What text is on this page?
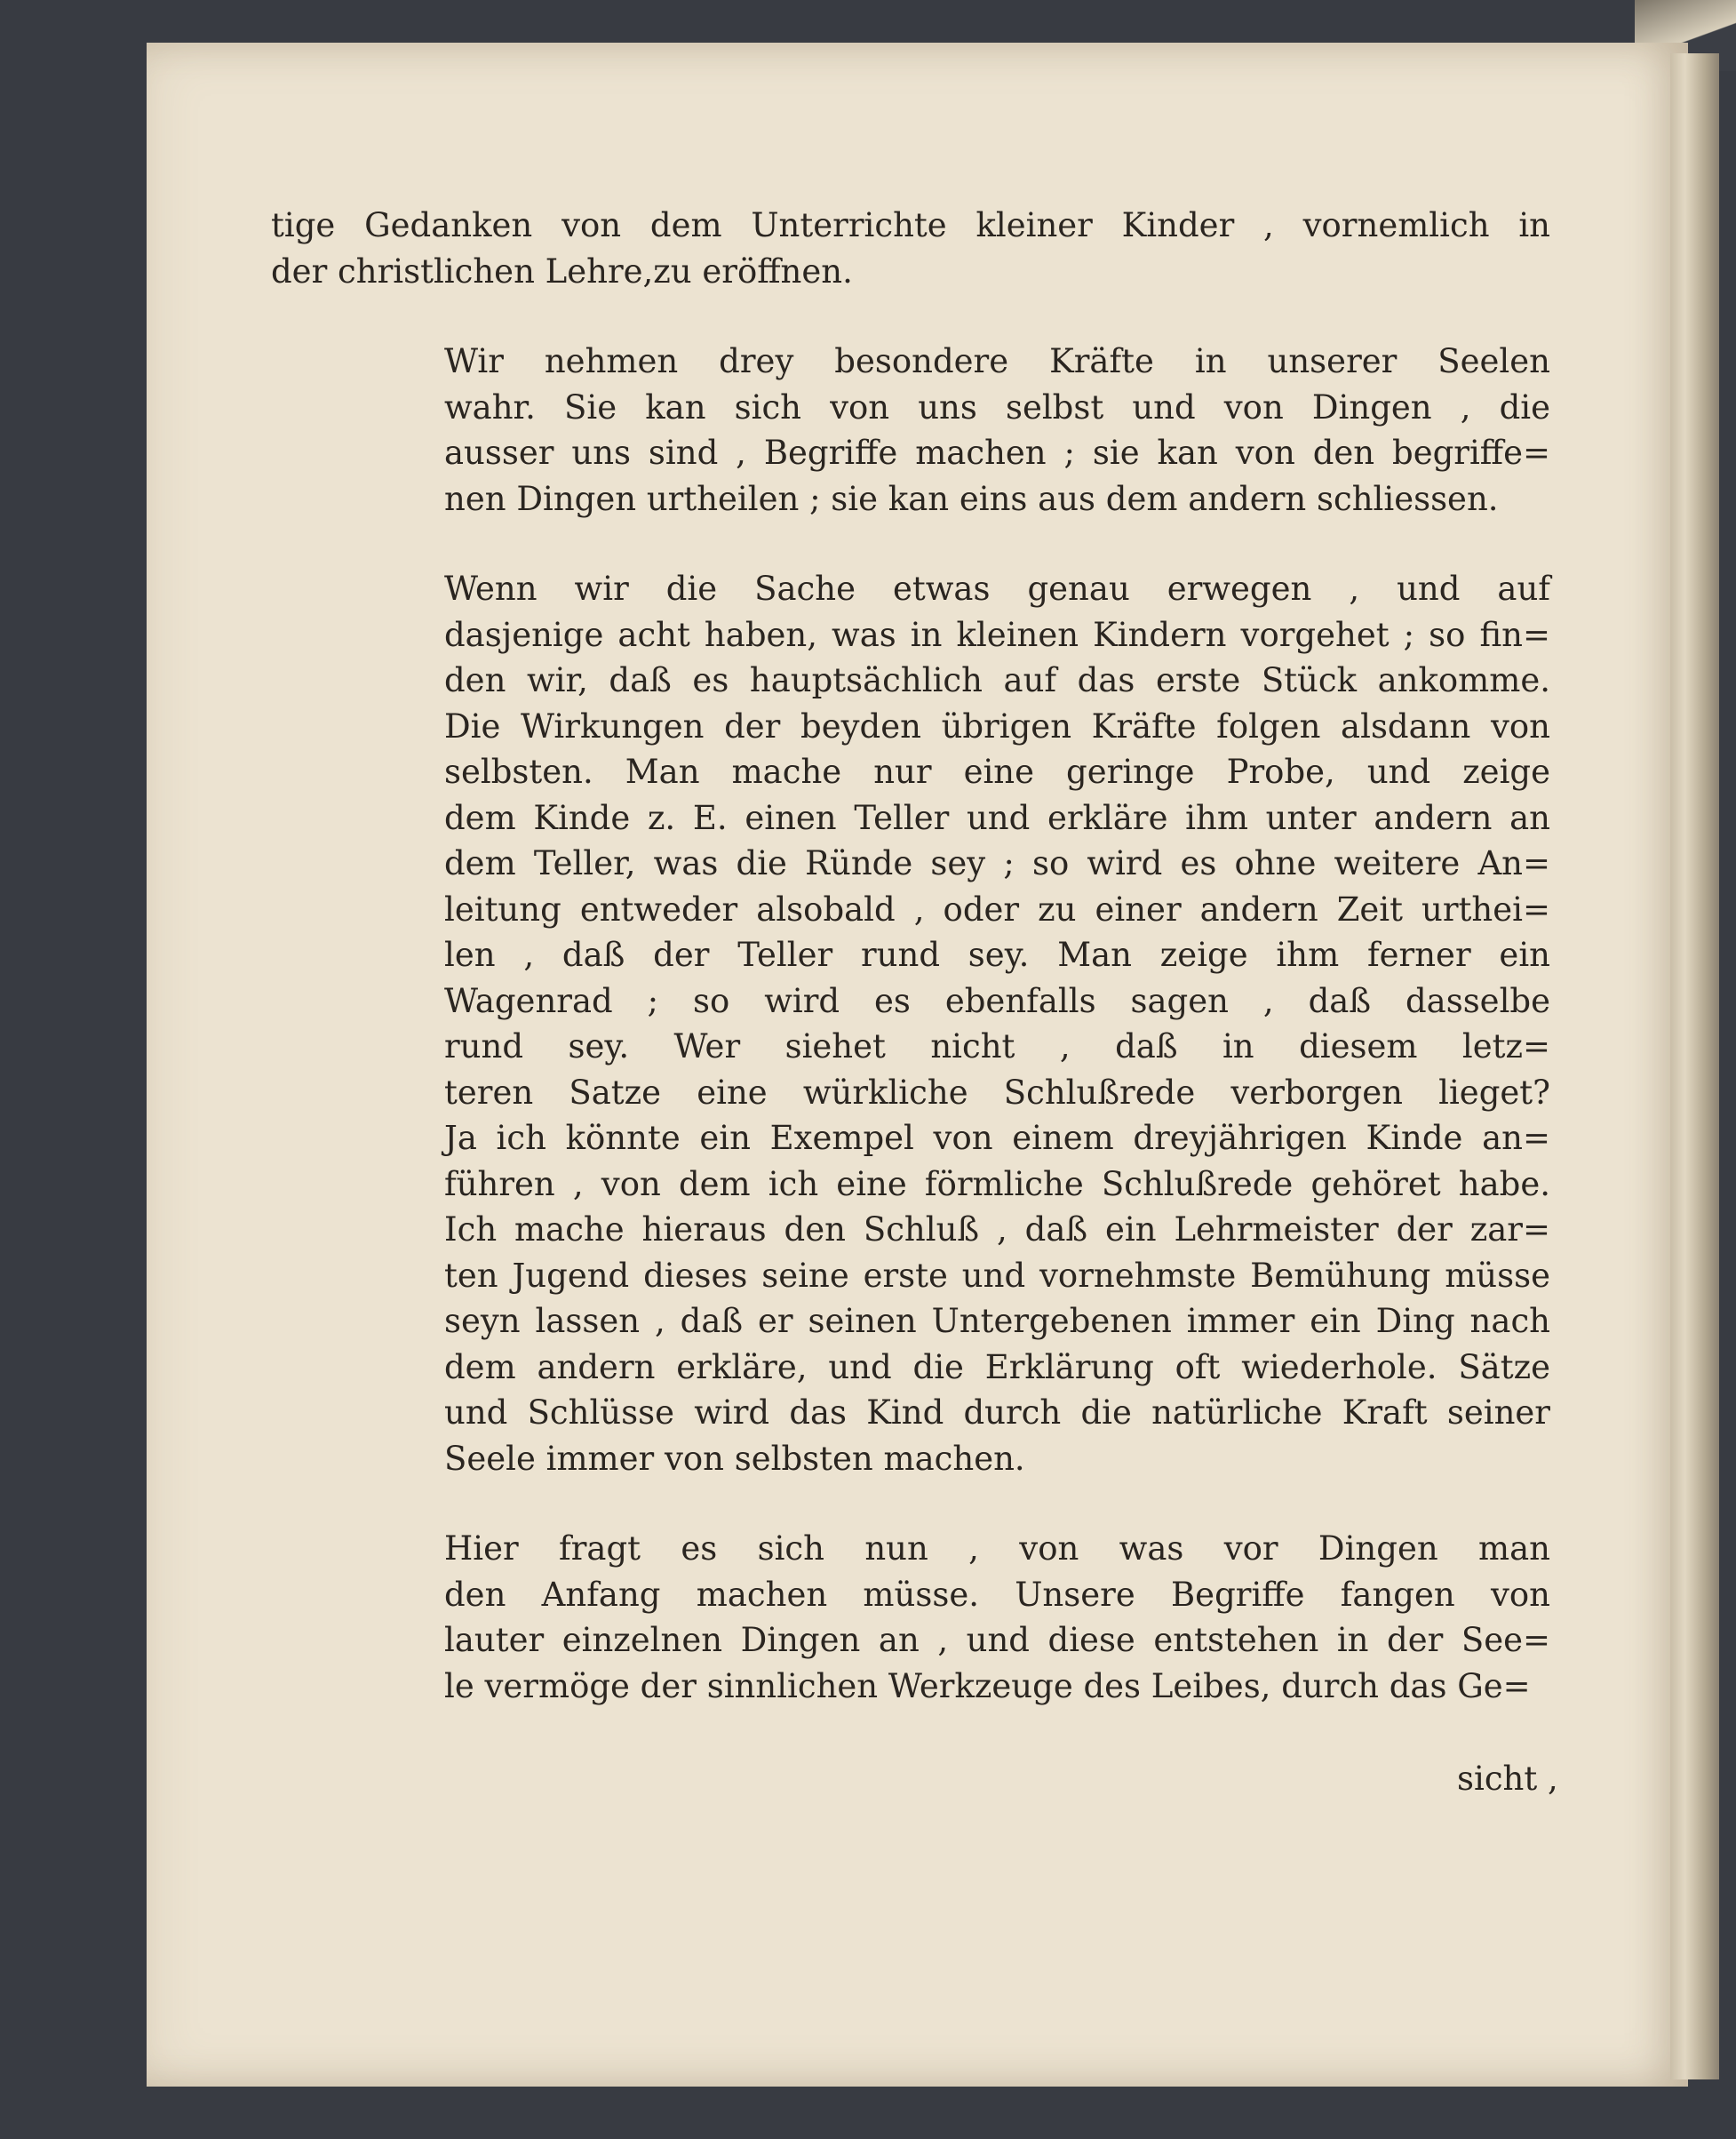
tige Gedanken von dem Unterrichte kleiner Kinder , vornemlich in
der christlichen Lehre,zu eröffnen.
Wir nehmen drey besondere Kräfte in unserer Seelen
wahr. Sie kan sich von uns selbst und von Dingen , die
ausser uns sind , Begriffe machen ; sie kan von den begriffe=
nen Dingen urtheilen ; sie kan eins aus dem andern schliessen.
Wenn wir die Sache etwas genau erwegen , und auf
dasjenige acht haben, was in kleinen Kindern vorgehet ; so fin=
den wir, daß es hauptsächlich auf das erste Stück ankomme.
Die Wirkungen der beyden übrigen Kräfte folgen alsdann von
selbsten. Man mache nur eine geringe Probe, und zeige
dem Kinde z. E. einen Teller und erkläre ihm unter andern an
dem Teller, was die Ründe sey ; so wird es ohne weitere An=
leitung entweder alsobald , oder zu einer andern Zeit urthei=
len , daß der Teller rund sey. Man zeige ihm ferner ein
Wagenrad ; so wird es ebenfalls sagen , daß dasselbe
rund sey. Wer siehet nicht , daß in diesem letz=
teren Satze eine würkliche Schlußrede verborgen lieget?
Ja ich könnte ein Exempel von einem dreyjährigen Kinde an=
führen , von dem ich eine förmliche Schlußrede gehöret habe.
Ich mache hieraus den Schluß , daß ein Lehrmeister der zar=
ten Jugend dieses seine erste und vornehmste Bemühung müsse
seyn lassen , daß er seinen Untergebenen immer ein Ding nach
dem andern erkläre, und die Erklärung oft wiederhole. Sätze
und Schlüsse wird das Kind durch die natürliche Kraft seiner
Seele immer von selbsten machen.
Hier fragt es sich nun , von was vor Dingen man
den Anfang machen müsse. Unsere Begriffe fangen von
lauter einzelnen Dingen an , und diese entstehen in der See=
le vermöge der sinnlichen Werkzeuge des Leibes, durch das Ge=
sicht ,
